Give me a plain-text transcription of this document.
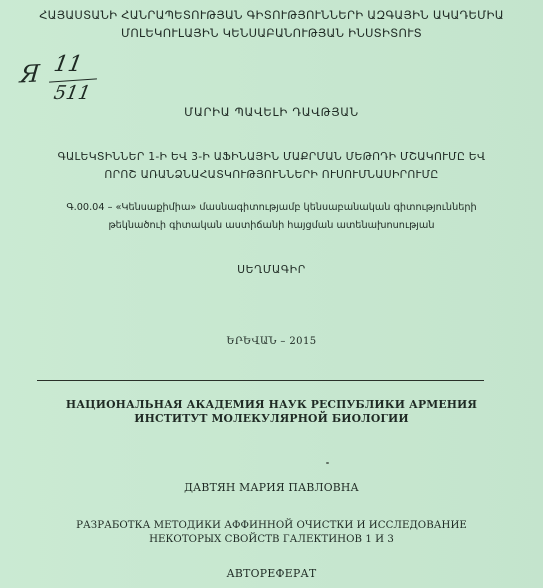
ՀԱՅԱՍՏԱՆԻ ՀԱՆՐԱՊԵՏՈՒԹՅԱՆ ԳԻՏՈՒԹՅՈՒՆՆԵՐԻ ԱԶԳԱՅԻՆ ԱԿԱԴԵՄԻԱ
ՄՈԼԵԿՈՒԼԱՅԻՆ ԿԵՆՍԱԲԱՆՈՒԹՅԱՆ ԻՆՍՏԻՏՈՒՏ
Я 11
511
ՄԱՐԻԱ ՊԱՎԵԼԻ ԴԱՎԹՅԱՆ
ԳԱԼԵԿՏԻՆՆԵՐ 1-Ի ԵՎ 3-Ի ԱՖԻՆԱՅԻՆ ՄԱՔՐՄԱՆ ՄԵԹՈԴԻ ՄՇԱԿՈՒՄԸ ԵՎ
ՈՐՈՇ ԱՌԱՆՁՆԱՀԱՏԿՈՒԹՅՈՒՆՆԵՐԻ ՈՒՍՈՒՄՆԱՍԻՐՈՒՄԸ
Գ.00.04 – «Կենսաքիմիա» մասնագիտությամբ կենսաբանական գիտությունների
թեկնածուի գիտական աստիճանի հայցման ատենախոսության
ՍԵՂՄԱԳԻՐ
ԵՐԵՎԱՆ – 2015
НАЦИОНАЛЬНАЯ АКАДЕМИЯ НАУК РЕСПУБЛИКИ АРМЕНИЯ
ИНСТИТУТ МОЛЕКУЛЯРНОЙ БИОЛОГИИ
ДАВТЯН МАРИЯ ПАВЛОВНА
РАЗРАБОТКА МЕТОДИКИ АФФИННОЙ ОЧИСТКИ И ИССЛЕДОВАНИЕ
НЕКОТОРЫХ СВОЙСТВ ГАЛЕКТИНОВ 1 И 3
АВТОРЕФЕРАТ
